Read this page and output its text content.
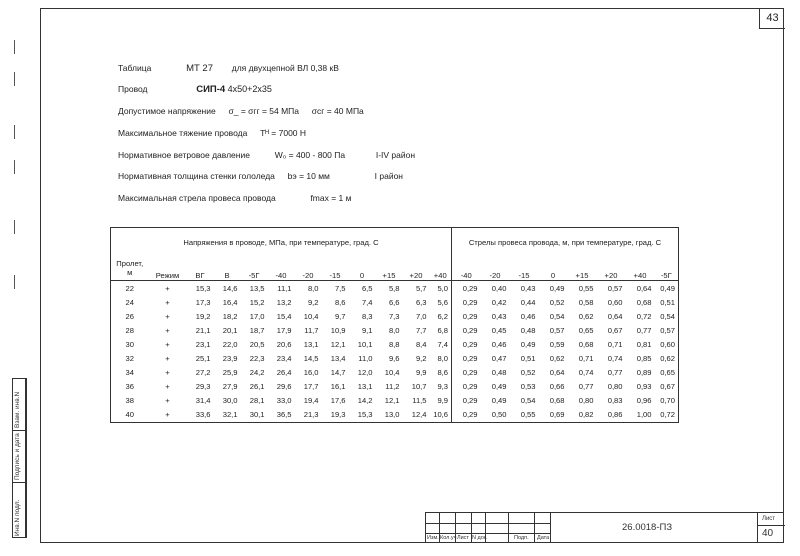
43
Таблица	МТ 27 для двухцепной ВЛ 0,38 кВ
Провод	СИП-4 4х50+2х35
Допустимое напряжение σ_ = σгг = 54 МПа σсг = 40 МПа
Максимальное тяжение провода Tᴴ = 7000 Н
Нормативное ветровое давление	W₀ = 400 - 800 Па	I-IV район
Нормативная толщина стенки гололеда bэ = 10 мм	I район
Максимальная стрела провеса провода	fmax = 1 м
Напряжения в проводе, МПа, при температуре, град. С												Стрелы провеса провода, м, при температуре, град. С							
Пролет,
м	Режим	ВГ	В	-5Г	-40	-20	-15	0	+15	+20	+40	-40	-20	-15	0	+15	+20	+40	-5Г
22	+	15,3	14,6	13,5	11,1	8,0	7,5	6,5	5,8	5,7	5,0	0,29	0,40	0,43	0,49	0,55	0,57	0,64	0,49
24	+	17,3	16,4	15,2	13,2	9,2	8,6	7,4	6,6	6,3	5,6	0,29	0,42	0,44	0,52	0,58	0,60	0,68	0,51
26	+	19,2	18,2	17,0	15,4	10,4	9,7	8,3	7,3	7,0	6,2	0,29	0,43	0,46	0,54	0,62	0,64	0,72	0,54
28	+	21,1	20,1	18,7	17,9	11,7	10,9	9,1	8,0	7,7	6,8	0,29	0,45	0,48	0,57	0,65	0,67	0,77	0,57
30	+	23,1	22,0	20,5	20,6	13,1	12,1	10,1	8,8	8,4	7,4	0,29	0,46	0,49	0,59	0,68	0,71	0,81	0,60
32	+	25,1	23,9	22,3	23,4	14,5	13,4	11,0	9,6	9,2	8,0	0,29	0,47	0,51	0,62	0,71	0,74	0,85	0,62
34	+	27,2	25,9	24,2	26,4	16,0	14,7	12,0	10,4	9,9	8,6	0,29	0,48	0,52	0,64	0,74	0,77	0,89	0,65
36	+	29,3	27,9	26,1	29,6	17,7	16,1	13,1	11,2	10,7	9,3	0,29	0,49	0,53	0,66	0,77	0,80	0,93	0,67
38	+	31,4	30,0	28,1	33,0	19,4	17,6	14,2	12,1	11,5	9,9	0,29	0,49	0,54	0,68	0,80	0,83	0,96	0,70
40	+	33,6	32,1	30,1	36,5	21,3	19,3	15,3	13,0	12,4	10,6	0,29	0,50	0,55	0,69	0,82	0,86	1,00	0,72
Взам. инв.N
Подпись и дата
Инв.N подл.
Изм. Кол.уч Лист N док.	Подп. Дата
26.0018-ПЗ
Лист
40
